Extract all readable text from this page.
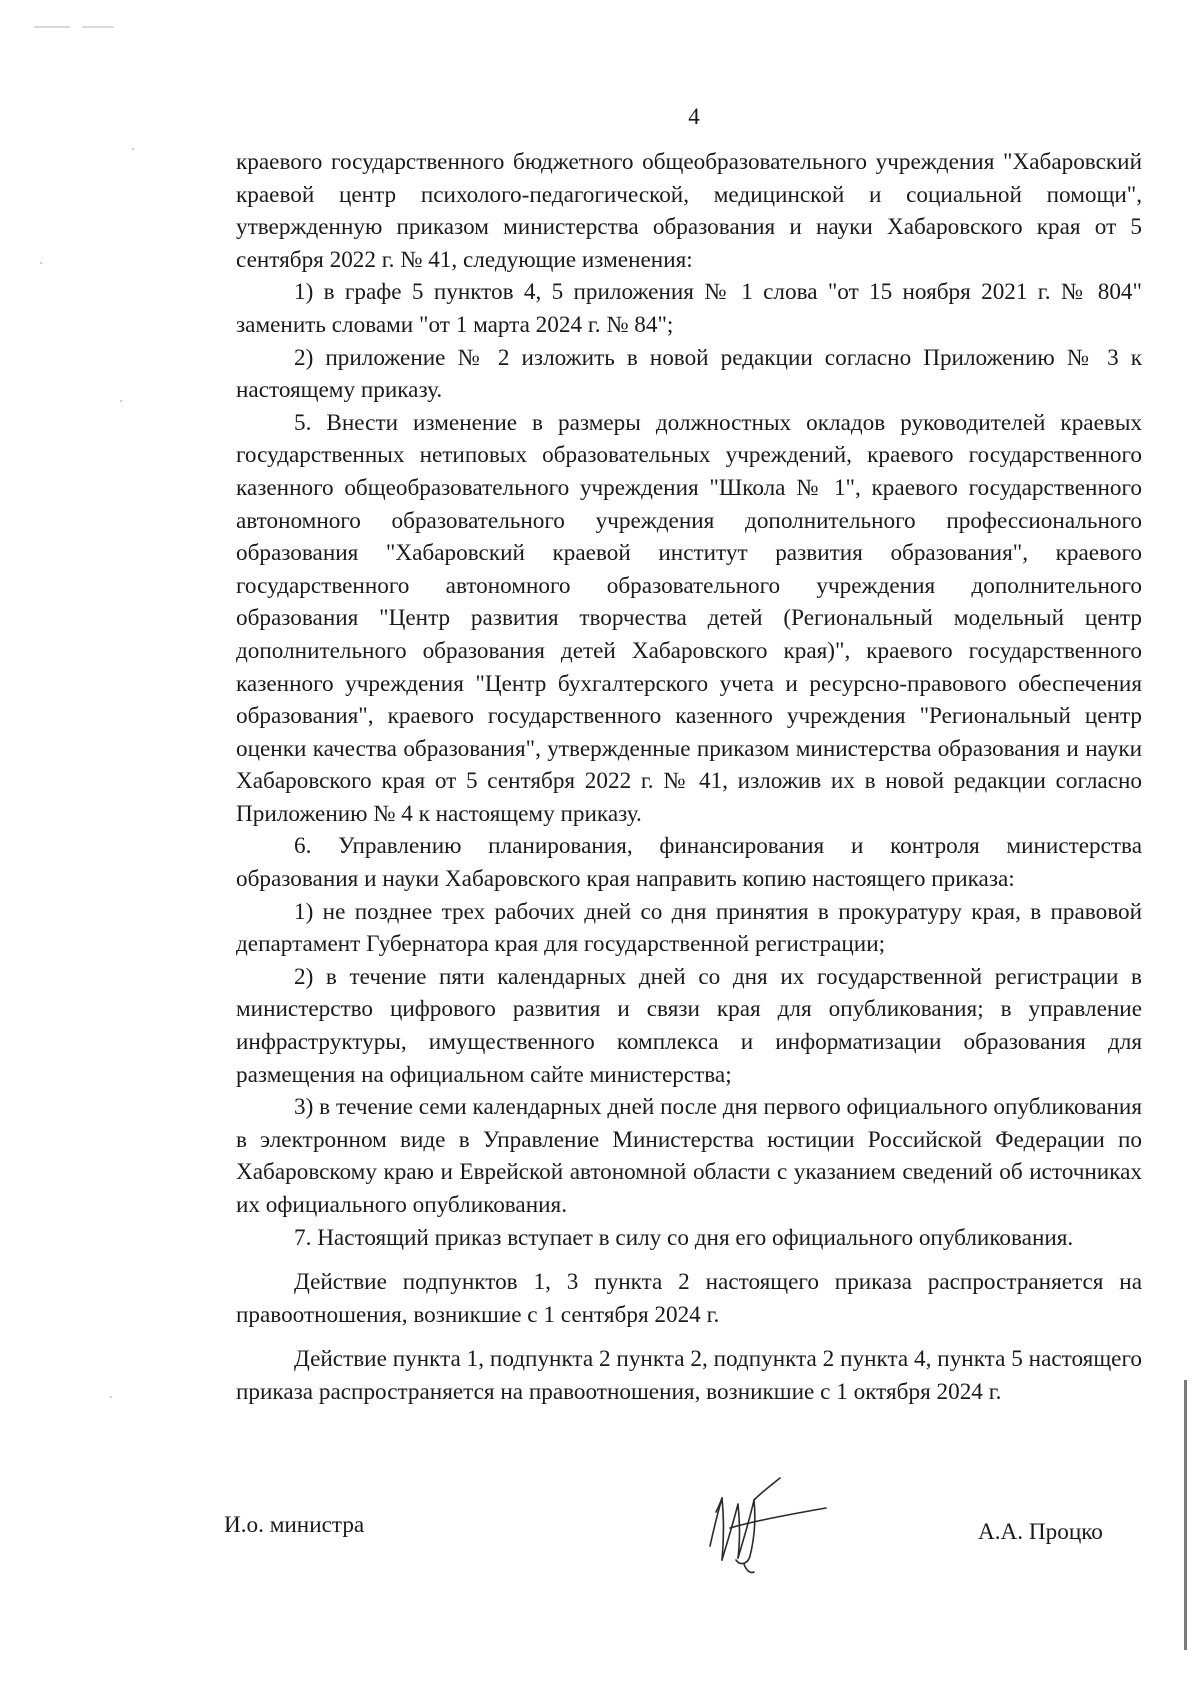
4

краевого государственного бюджетного общеобразовательного учреждения "Хабаровский краевой центр психолого-педагогической, медицинской и социальной помощи", утвержденную приказом министерства образования и науки Хабаровского края от 5 сентября 2022 г. № 41, следующие изменения:

1) в графе 5 пунктов 4, 5 приложения № 1 слова "от 15 ноября 2021 г. № 804" заменить словами "от 1 марта 2024 г. № 84";

2) приложение № 2 изложить в новой редакции согласно Приложению № 3 к настоящему приказу.

5. Внести изменение в размеры должностных окладов руководителей краевых государственных нетиповых образовательных учреждений, краевого государственного казенного общеобразовательного учреждения "Школа № 1", краевого государственного автономного образовательного учреждения дополнительного профессионального образования "Хабаровский краевой институт развития образования", краевого государственного автономного образовательного учреждения дополнительного образования "Центр развития творчества детей (Региональный модельный центр дополнительного образования детей Хабаровского края)", краевого государственного казенного учреждения "Центр бухгалтерского учета и ресурсно-правового обеспечения образования", краевого государственного казенного учреждения "Региональный центр оценки качества образования", утвержденные приказом министерства образования и науки Хабаровского края от 5 сентября 2022 г. № 41, изложив их в новой редакции согласно Приложению № 4 к настоящему приказу.

6. Управлению планирования, финансирования и контроля министерства образования и науки Хабаровского края направить копию настоящего приказа:

1) не позднее трех рабочих дней со дня принятия в прокуратуру края, в правовой департамент Губернатора края для государственной регистрации;

2) в течение пяти календарных дней со дня их государственной регистрации в министерство цифрового развития и связи края для опубликования; в управление инфраструктуры, имущественного комплекса и информатизации образования для размещения на официальном сайте министерства;

3) в течение семи календарных дней после дня первого официального опубликования в электронном виде в Управление Министерства юстиции Российской Федерации по Хабаровскому краю и Еврейской автономной области с указанием сведений об источниках их официального опубликования.

7. Настоящий приказ вступает в силу со дня его официального опубликования.

Действие подпунктов 1, 3 пункта 2 настоящего приказа распространяется на правоотношения, возникшие с 1 сентября 2024 г.

Действие пункта 1, подпункта 2 пункта 2, подпункта 2 пункта 4, пункта 5 настоящего приказа распространяется на правоотношения, возникшие с 1 октября 2024 г.

И.о. министра	А.А. Процко
